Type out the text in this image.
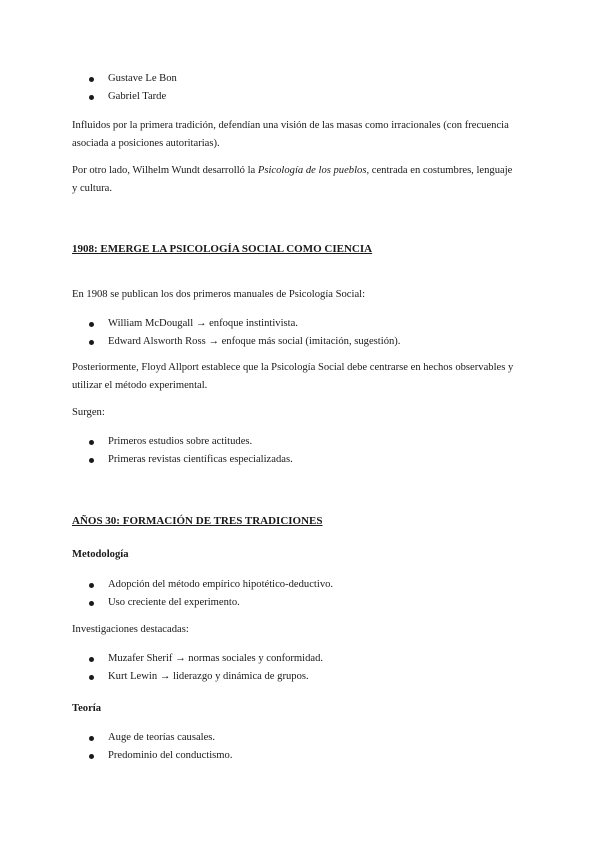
Gustave Le Bon
Gabriel Tarde

Influidos por la primera tradición, defendían una visión de las masas como irracionales (con frecuencia asociada a posiciones autoritarias).

Por otro lado, Wilhelm Wundt desarrolló la Psicología de los pueblos, centrada en costumbres, lenguaje y cultura.

1908: EMERGE LA PSICOLOGÍA SOCIAL COMO CIENCIA

En 1908 se publican los dos primeros manuales de Psicología Social:

William McDougall → enfoque instintivista.
Edward Alsworth Ross → enfoque más social (imitación, sugestión).

Posteriormente, Floyd Allport establece que la Psicología Social debe centrarse en hechos observables y utilizar el método experimental.

Surgen:

Primeros estudios sobre actitudes.
Primeras revistas científicas especializadas.
AÑOS 30: FORMACIÓN DE TRES TRADICIONES
Metodología
Adopción del método empírico hipotético-deductivo.
Uso creciente del experimento.

Investigaciones destacadas:

Muzafer Sherif → normas sociales y conformidad.
Kurt Lewin → liderazgo y dinámica de grupos.
Teoría
Auge de teorías causales.
Predominio del conductismo.
